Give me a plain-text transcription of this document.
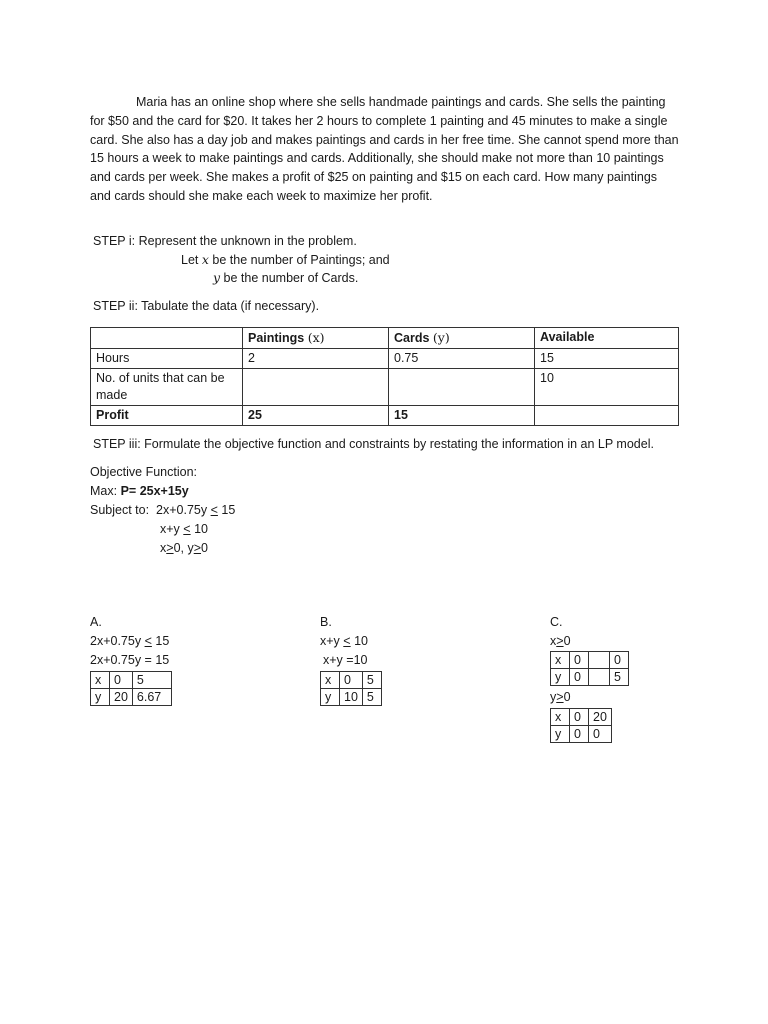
Maria has an online shop where she sells handmade paintings and cards. She sells the painting
for $50 and the card for $20. It takes her 2 hours to complete 1 painting and 45 minutes to make a single
card. She also has a day job and makes paintings and cards in her free time. She cannot spend more than
15 hours a week to make paintings and cards. Additionally, she should make not more than 10 paintings
and cards per week. She makes a profit of $25 on painting and $15 on each card. How many paintings
and cards should she make each week to maximize her profit.
STEP i: Represent the unknown in the problem.
Let x be the number of Paintings; and
y be the number of Cards.
STEP ii: Tabulate the data (if necessary).
	Paintings (x)	Cards (y)	Available
Hours	2	0.75	15
No. of units that can be
made			10
Profit	25	15	
STEP iii: Formulate the objective function and constraints by restating the information in an LP model.
Objective Function:
Max: P= 25x+15y
Subject to: 2x+0.75y < 15
x+y < 10
x>0, y>0
A.
2x+0.75y < 15
2x+0.75y = 15
x	0	5
y	20	6.67
B.
x+y < 10
x+y =10
x	0	5
y	10	5
C.
x>0
x	0		0
y	0		5
y>0
x	0	20
y	0	0
